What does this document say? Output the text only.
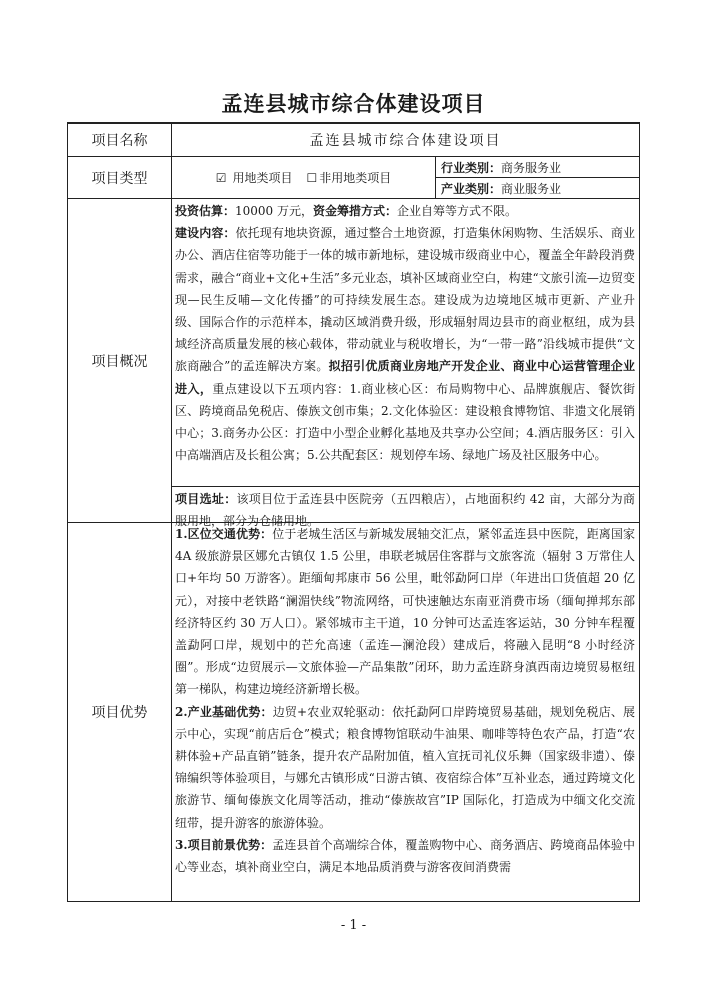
孟连县城市综合体建设项目
项目名称	孟连县城市综合体建设项目
项目类型	☑ 用地类项目 ☐ 非用地类项目
行业类别： 商务服务业
产业类别： 商业服务业
项目概况

投资估算：10000 万元，资金筹措方式：企业自筹等方式不限。

建设内容：依托现有地块资源，通过整合土地资源，打造集休闲购物、生活娱乐、商业办公、酒店住宿等功能于一体的城市新地标，建设城市级商业中心，覆盖全年龄段消费需求，融合“商业+文化+生活”多元业态，填补区域商业空白，构建“文旅引流—边贸变现—民生反哺—文化传播”的可持续发展生态。建设成为边境地区城市更新、产业升级、国际合作的示范样本，撬动区域消费升级，形成辐射周边县市的商业枢纽，成为县域经济高质量发展的核心载体，带动就业与税收增长，为“一带一路”沿线城市提供“文旅商融合”的孟连解决方案。拟招引优质商业房地产开发企业、商业中心运营管理企业进入，重点建设以下五项内容：1.商业核心区：布局购物中心、品牌旗舰店、餐饮街区、跨境商品免税店、傣族文创市集；2.文化体验区：建设粮食博物馆、非遗文化展销中心；3.商务办公区：打造中小型企业孵化基地及共享办公空间；4.酒店服务区：引入中高端酒店及长租公寓；5.公共配套区：规划停车场、绿地广场及社区服务中心。

项目选址：该项目位于孟连县中医院旁（五四粮店），占地面积约 42 亩，大部分为商服用地，部分为仓储用地。

项目优势

1.区位交通优势：位于老城生活区与新城发展轴交汇点，紧邻孟连县中医院，距离国家 4A 级旅游景区娜允古镇仅 1.5 公里，串联老城居住客群与文旅客流（辐射 3 万常住人口+年均 50 万游客）。距缅甸邦康市 56 公里，毗邻勐阿口岸（年进出口货值超 20 亿元），对接中老铁路“澜湄快线”物流网络，可快速触达东南亚消费市场（缅甸掸邦东部经济特区约 30 万人口）。紧邻城市主干道，10 分钟可达孟连客运站，30 分钟车程覆盖勐阿口岸，规划中的芒允高速（孟连—澜沧段）建成后，将融入昆明“8 小时经济圈”。形成“边贸展示—文旅体验—产品集散”闭环，助力孟连跻身滇西南边境贸易枢纽第一梯队，构建边境经济新增长极。

2.产业基础优势：边贸+农业双轮驱动：依托勐阿口岸跨境贸易基础，规划免税店、展示中心，实现“前店后仓”模式；粮食博物馆联动牛油果、咖啡等特色农产品，打造“农耕体验+产品直销”链条，提升农产品附加值，植入宣抚司礼仪乐舞（国家级非遗）、傣锦编织等体验项目，与娜允古镇形成“日游古镇、夜宿综合体”互补业态，通过跨境文化旅游节、缅甸傣族文化周等活动，推动“傣族故宫”IP 国际化，打造成为中缅文化交流纽带，提升游客的旅游体验。

3.项目前景优势：孟连县首个高端综合体，覆盖购物中心、商务酒店、跨境商品体验中心等业态，填补商业空白，满足本地品质消费与游客夜间消费需

- 1 -
